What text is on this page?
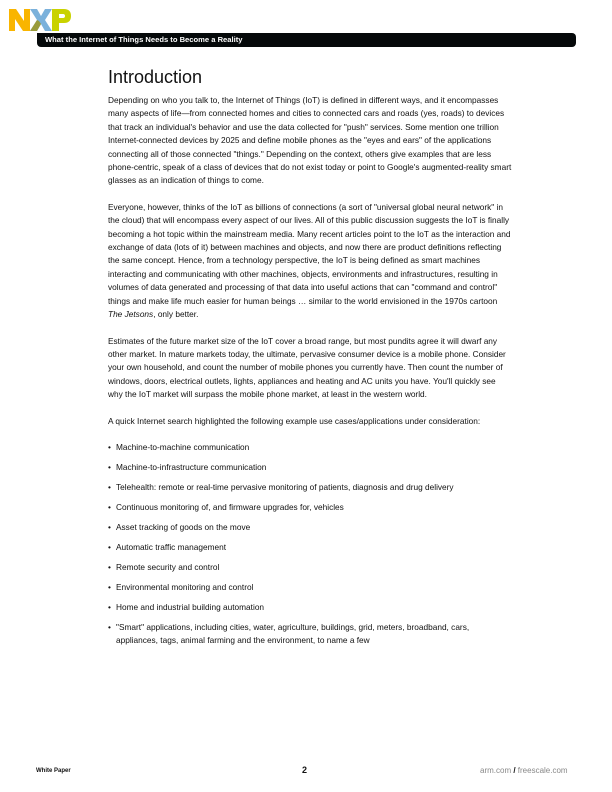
What the Internet of Things Needs to Become a Reality
Introduction

Depending on who you talk to, the Internet of Things (IoT) is defined in different ways, and it encompasses many aspects of life—from connected homes and cities to connected cars and roads (yes, roads) to devices that track an individual's behavior and use the data collected for "push" services. Some mention one trillion Internet-connected devices by 2025 and define mobile phones as the "eyes and ears" of the applications connecting all of those connected "things." Depending on the context, others give examples that are less phone-centric, speak of a class of devices that do not exist today or point to Google's augmented-reality smart glasses as an indication of things to come.

Everyone, however, thinks of the IoT as billions of connections (a sort of "universal global neural network" in the cloud) that will encompass every aspect of our lives. All of this public discussion suggests the IoT is finally becoming a hot topic within the mainstream media. Many recent articles point to the IoT as the interaction and exchange of data (lots of it) between machines and objects, and now there are product definitions reflecting the same concept. Hence, from a technology perspective, the IoT is being defined as smart machines interacting and communicating with other machines, objects, environments and infrastructures, resulting in volumes of data generated and processing of that data into useful actions that can "command and control" things and make life much easier for human beings … similar to the world envisioned in the 1970s cartoon The Jetsons, only better.

Estimates of the future market size of the IoT cover a broad range, but most pundits agree it will dwarf any other market. In mature markets today, the ultimate, pervasive consumer device is a mobile phone. Consider your own household, and count the number of mobile phones you currently have. Then count the number of windows, doors, electrical outlets, lights, appliances and heating and AC units you have. You'll quickly see why the IoT market will surpass the mobile phone market, at least in the western world.

A quick Internet search highlighted the following example use cases/applications under consideration:

• Machine-to-machine communication
• Machine-to-infrastructure communication
• Telehealth: remote or real-time pervasive monitoring of patients, diagnosis and drug delivery
• Continuous monitoring of, and firmware upgrades for, vehicles
• Asset tracking of goods on the move
• Automatic traffic management
• Remote security and control
• Environmental monitoring and control
• Home and industrial building automation
• "Smart" applications, including cities, water, agriculture, buildings, grid, meters, broadband, cars, appliances, tags, animal farming and the environment, to name a few
White Paper	2	arm.com / freescale.com
